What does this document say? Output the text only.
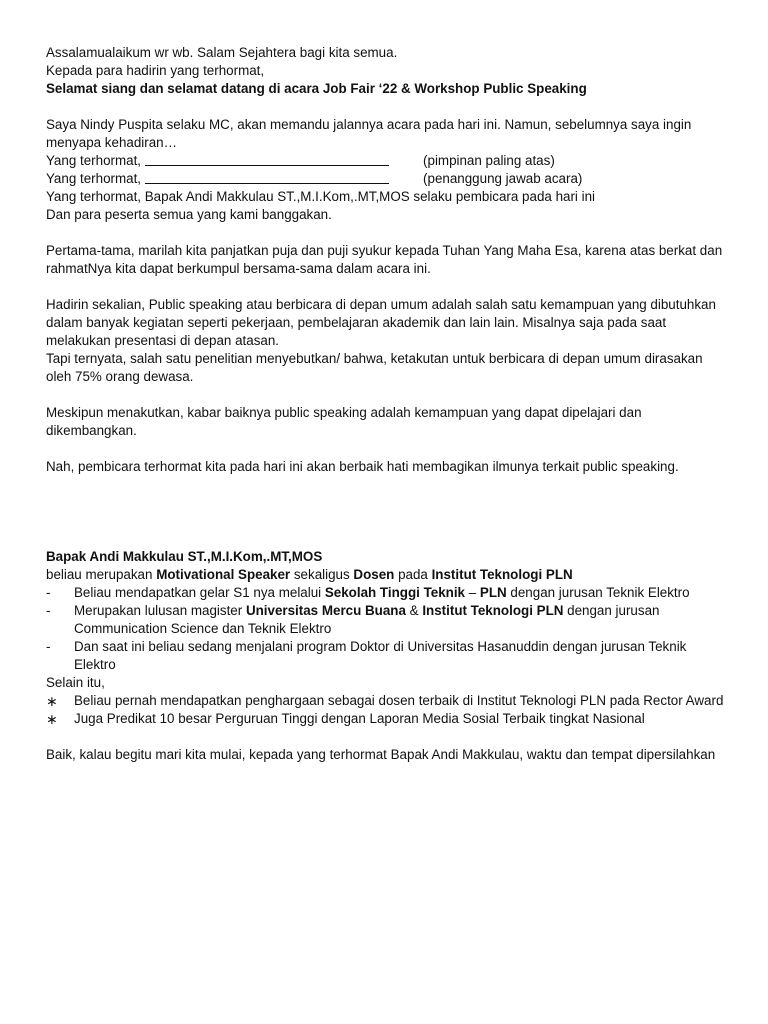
Assalamualaikum wr wb. Salam Sejahtera bagi kita semua.

Kepada para hadirin yang terhormat,

Selamat siang dan selamat datang di acara Job Fair ‘22 & Workshop Public Speaking

Saya Nindy Puspita selaku MC, akan memandu jalannya acara pada hari ini. Namun, sebelumnya saya ingin menyapa kehadiran…

Yang terhormat,	(pimpinan paling atas)
Yang terhormat,	(penanggung jawab acara)

Yang terhormat, Bapak Andi Makkulau ST.,M.I.Kom,.MT,MOS selaku pembicara pada hari ini

Dan para peserta semua yang kami banggakan.

Pertama-tama, marilah kita panjatkan puja dan puji syukur kepada Tuhan Yang Maha Esa, karena atas berkat dan rahmatNya kita dapat berkumpul bersama-sama dalam acara ini.

Hadirin sekalian, Public speaking atau berbicara di depan umum adalah salah satu kemampuan yang dibutuhkan dalam banyak kegiatan seperti pekerjaan, pembelajaran akademik dan lain lain. Misalnya saja pada saat melakukan presentasi di depan atasan.

Tapi ternyata, salah satu penelitian menyebutkan/ bahwa, ketakutan untuk berbicara di depan umum dirasakan oleh 75% orang dewasa.

Meskipun menakutkan, kabar baiknya public speaking adalah kemampuan yang dapat dipelajari dan dikembangkan.

Nah, pembicara terhormat kita pada hari ini akan berbaik hati membagikan ilmunya terkait public speaking.

Bapak Andi Makkulau ST.,M.I.Kom,.MT,MOS

beliau merupakan Motivational Speaker sekaligus Dosen pada Institut Teknologi PLN

-	Beliau mendapatkan gelar S1 nya melalui Sekolah Tinggi Teknik – PLN dengan jurusan Teknik Elektro
-	Merupakan lulusan magister Universitas Mercu Buana & Institut Teknologi PLN dengan jurusan Communication Science dan Teknik Elektro
-	Dan saat ini beliau sedang menjalani program Doktor di Universitas Hasanuddin dengan jurusan Teknik Elektro

Selain itu,

∗	Beliau pernah mendapatkan penghargaan sebagai dosen terbaik di Institut Teknologi PLN pada Rector Award
∗	Juga Predikat 10 besar Perguruan Tinggi dengan Laporan Media Sosial Terbaik tingkat Nasional

Baik, kalau begitu mari kita mulai, kepada yang terhormat Bapak Andi Makkulau, waktu dan tempat dipersilahkan
